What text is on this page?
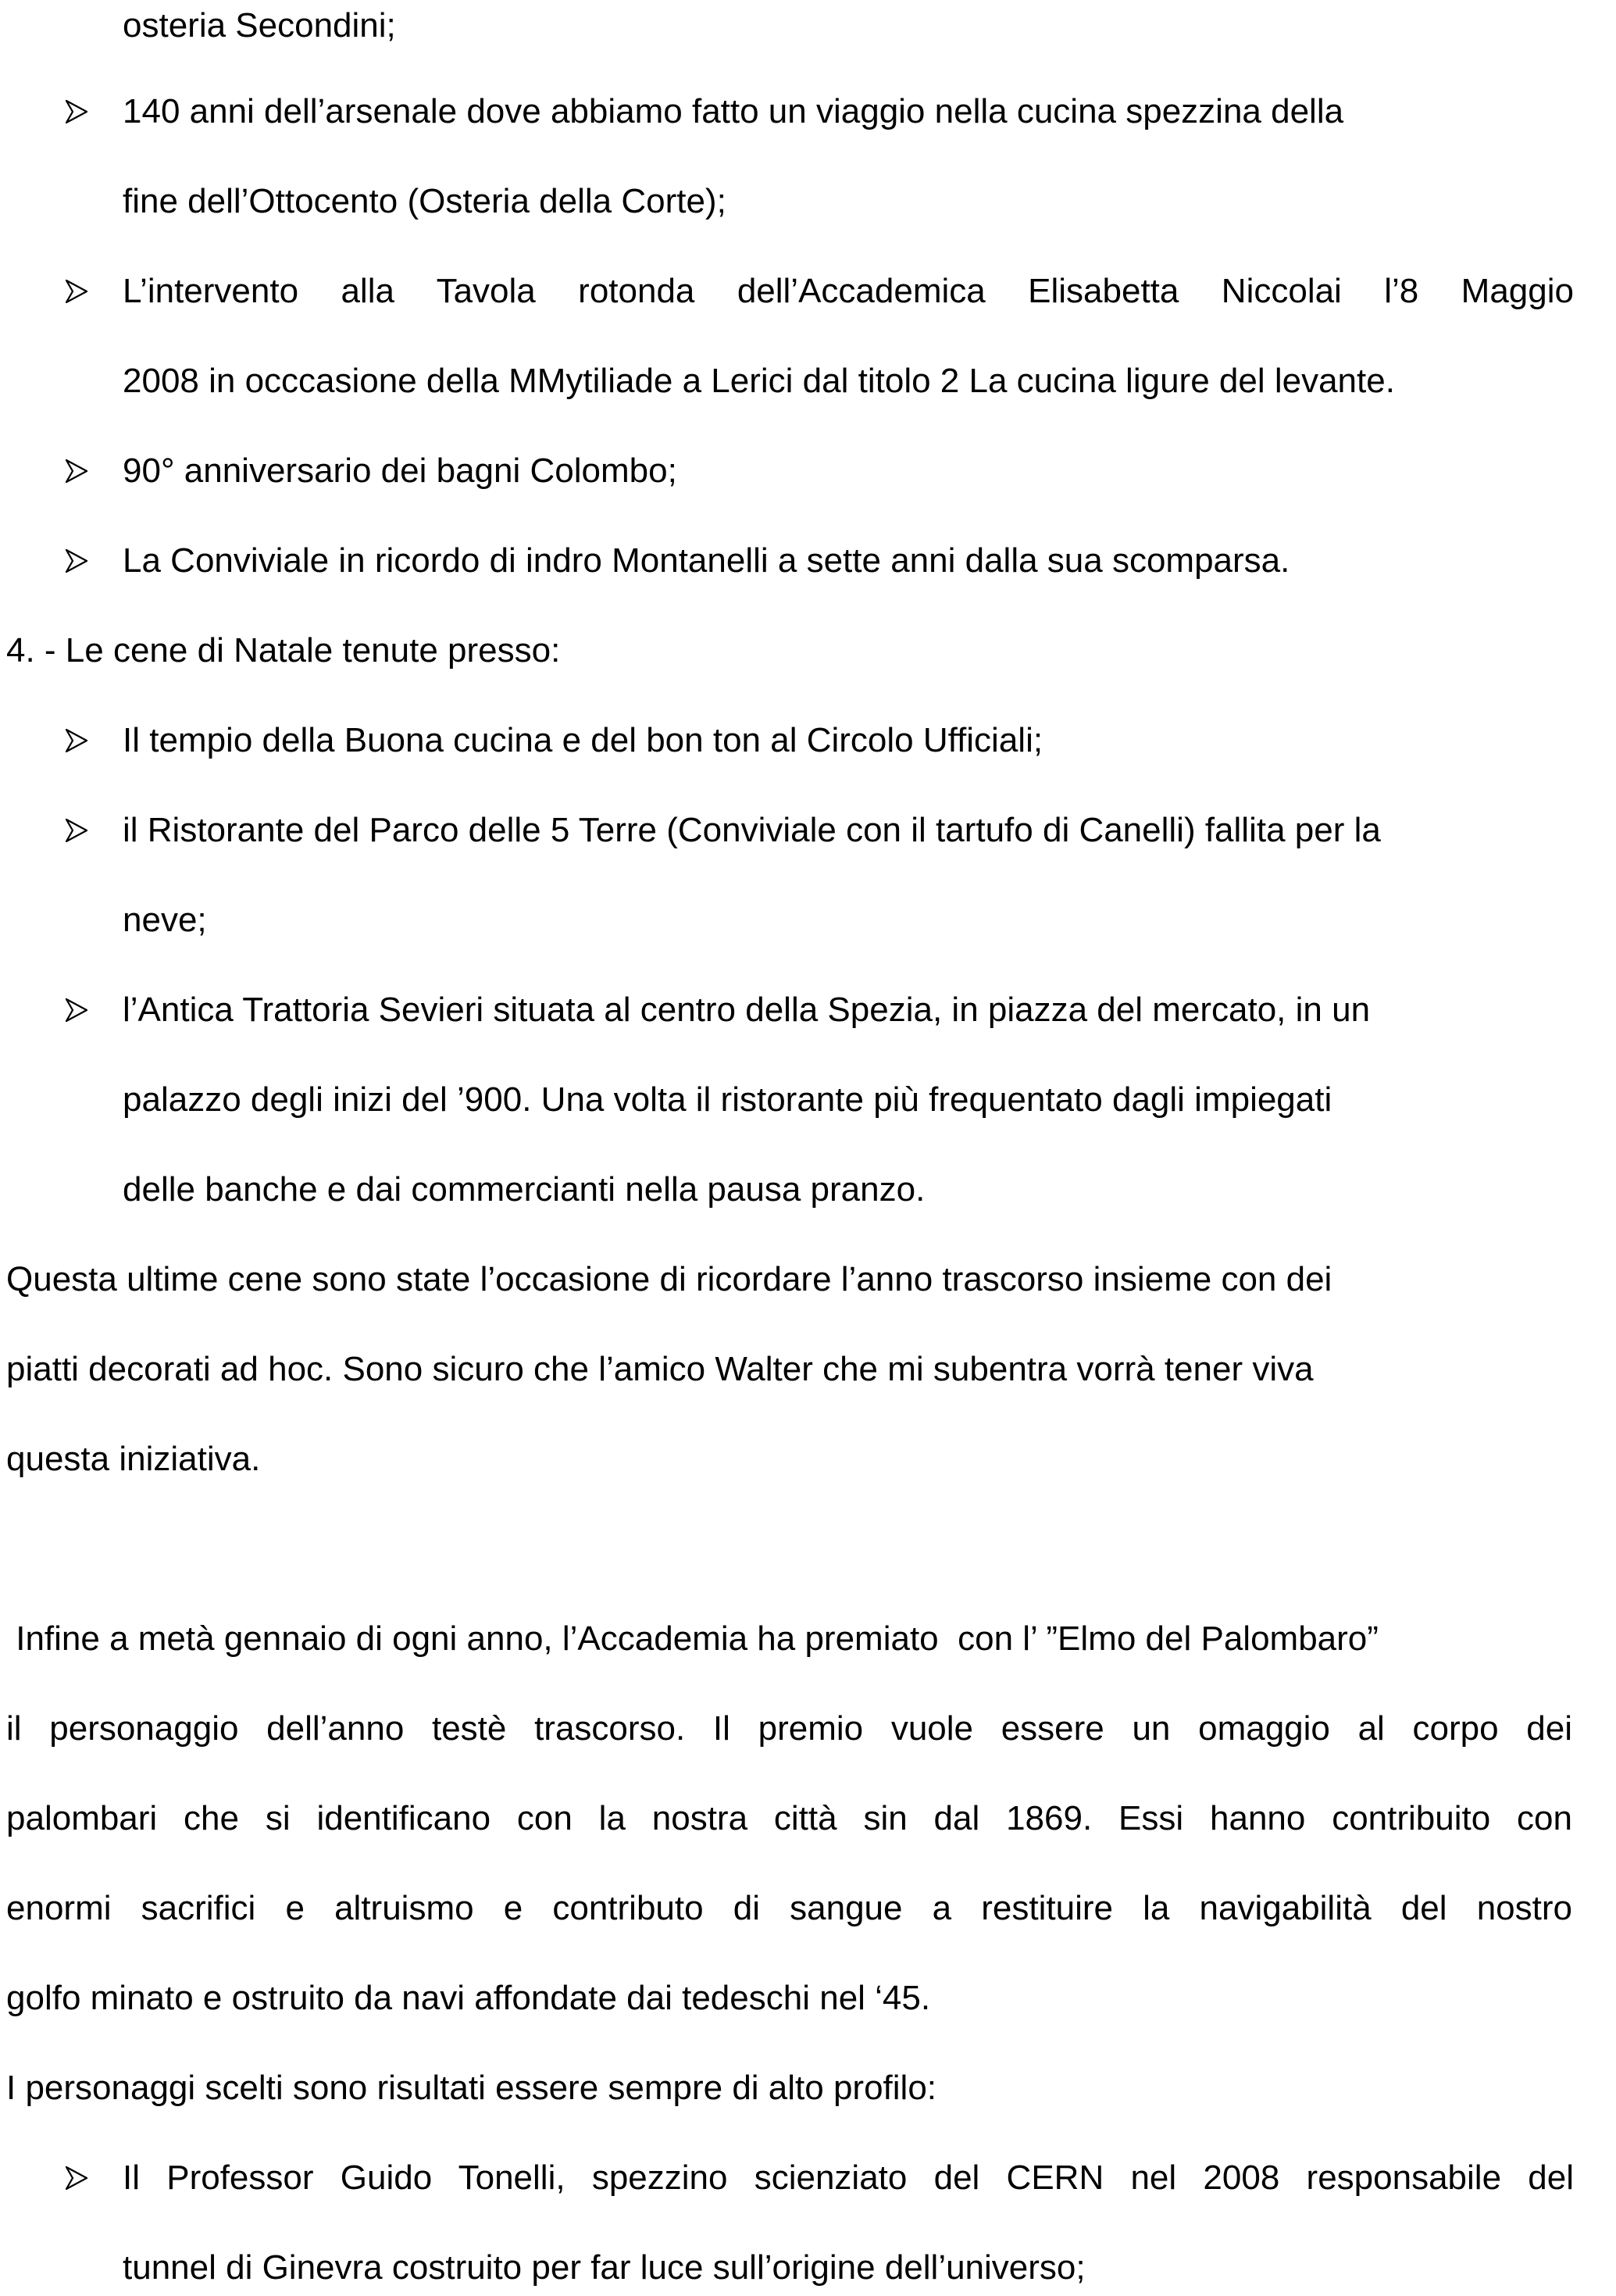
osteria Secondini;
140 anni dell’arsenale dove abbiamo fatto un viaggio nella cucina spezzina della
fine dell’Ottocento (Osteria della Corte);
L’intervento alla Tavola rotonda dell’Accademica Elisabetta Niccolai l’8 Maggio
2008 in occcasione della MMytiliade a Lerici dal titolo 2 La cucina ligure del levante.
90° anniversario dei bagni Colombo;
La Conviviale in ricordo di indro Montanelli a sette anni dalla sua scomparsa.
4. - Le cene di Natale tenute presso:
Il tempio della Buona cucina e del bon ton al Circolo Ufficiali;
il Ristorante del Parco delle 5 Terre (Conviviale con il tartufo di Canelli) fallita per la
neve;
l’Antica Trattoria Sevieri situata al centro della Spezia, in piazza del mercato, in un
palazzo degli inizi del ’900. Una volta il ristorante più frequentato dagli impiegati
delle banche e dai commercianti nella pausa pranzo.
Questa ultime cene sono state l’occasione di ricordare l’anno trascorso insieme con dei
piatti decorati ad hoc. Sono sicuro che l’amico Walter che mi subentra vorrà tener viva
questa iniziativa.
Infine a metà gennaio di ogni anno, l’Accademia ha premiato  con l’ ”Elmo del Palombaro”
il personaggio dell’anno testè trascorso. Il premio vuole essere un omaggio al corpo dei
palombari che si identificano con la nostra città sin dal 1869. Essi hanno contribuito con
enormi sacrifici e altruismo e contributo di sangue a restituire la navigabilità del nostro
golfo minato e ostruito da navi affondate dai tedeschi nel ‘45.
I personaggi scelti sono risultati essere sempre di alto profilo:
Il Professor Guido Tonelli, spezzino scienziato del CERN nel 2008 responsabile del
tunnel di Ginevra costruito per far luce sull’origine dell’universo;
